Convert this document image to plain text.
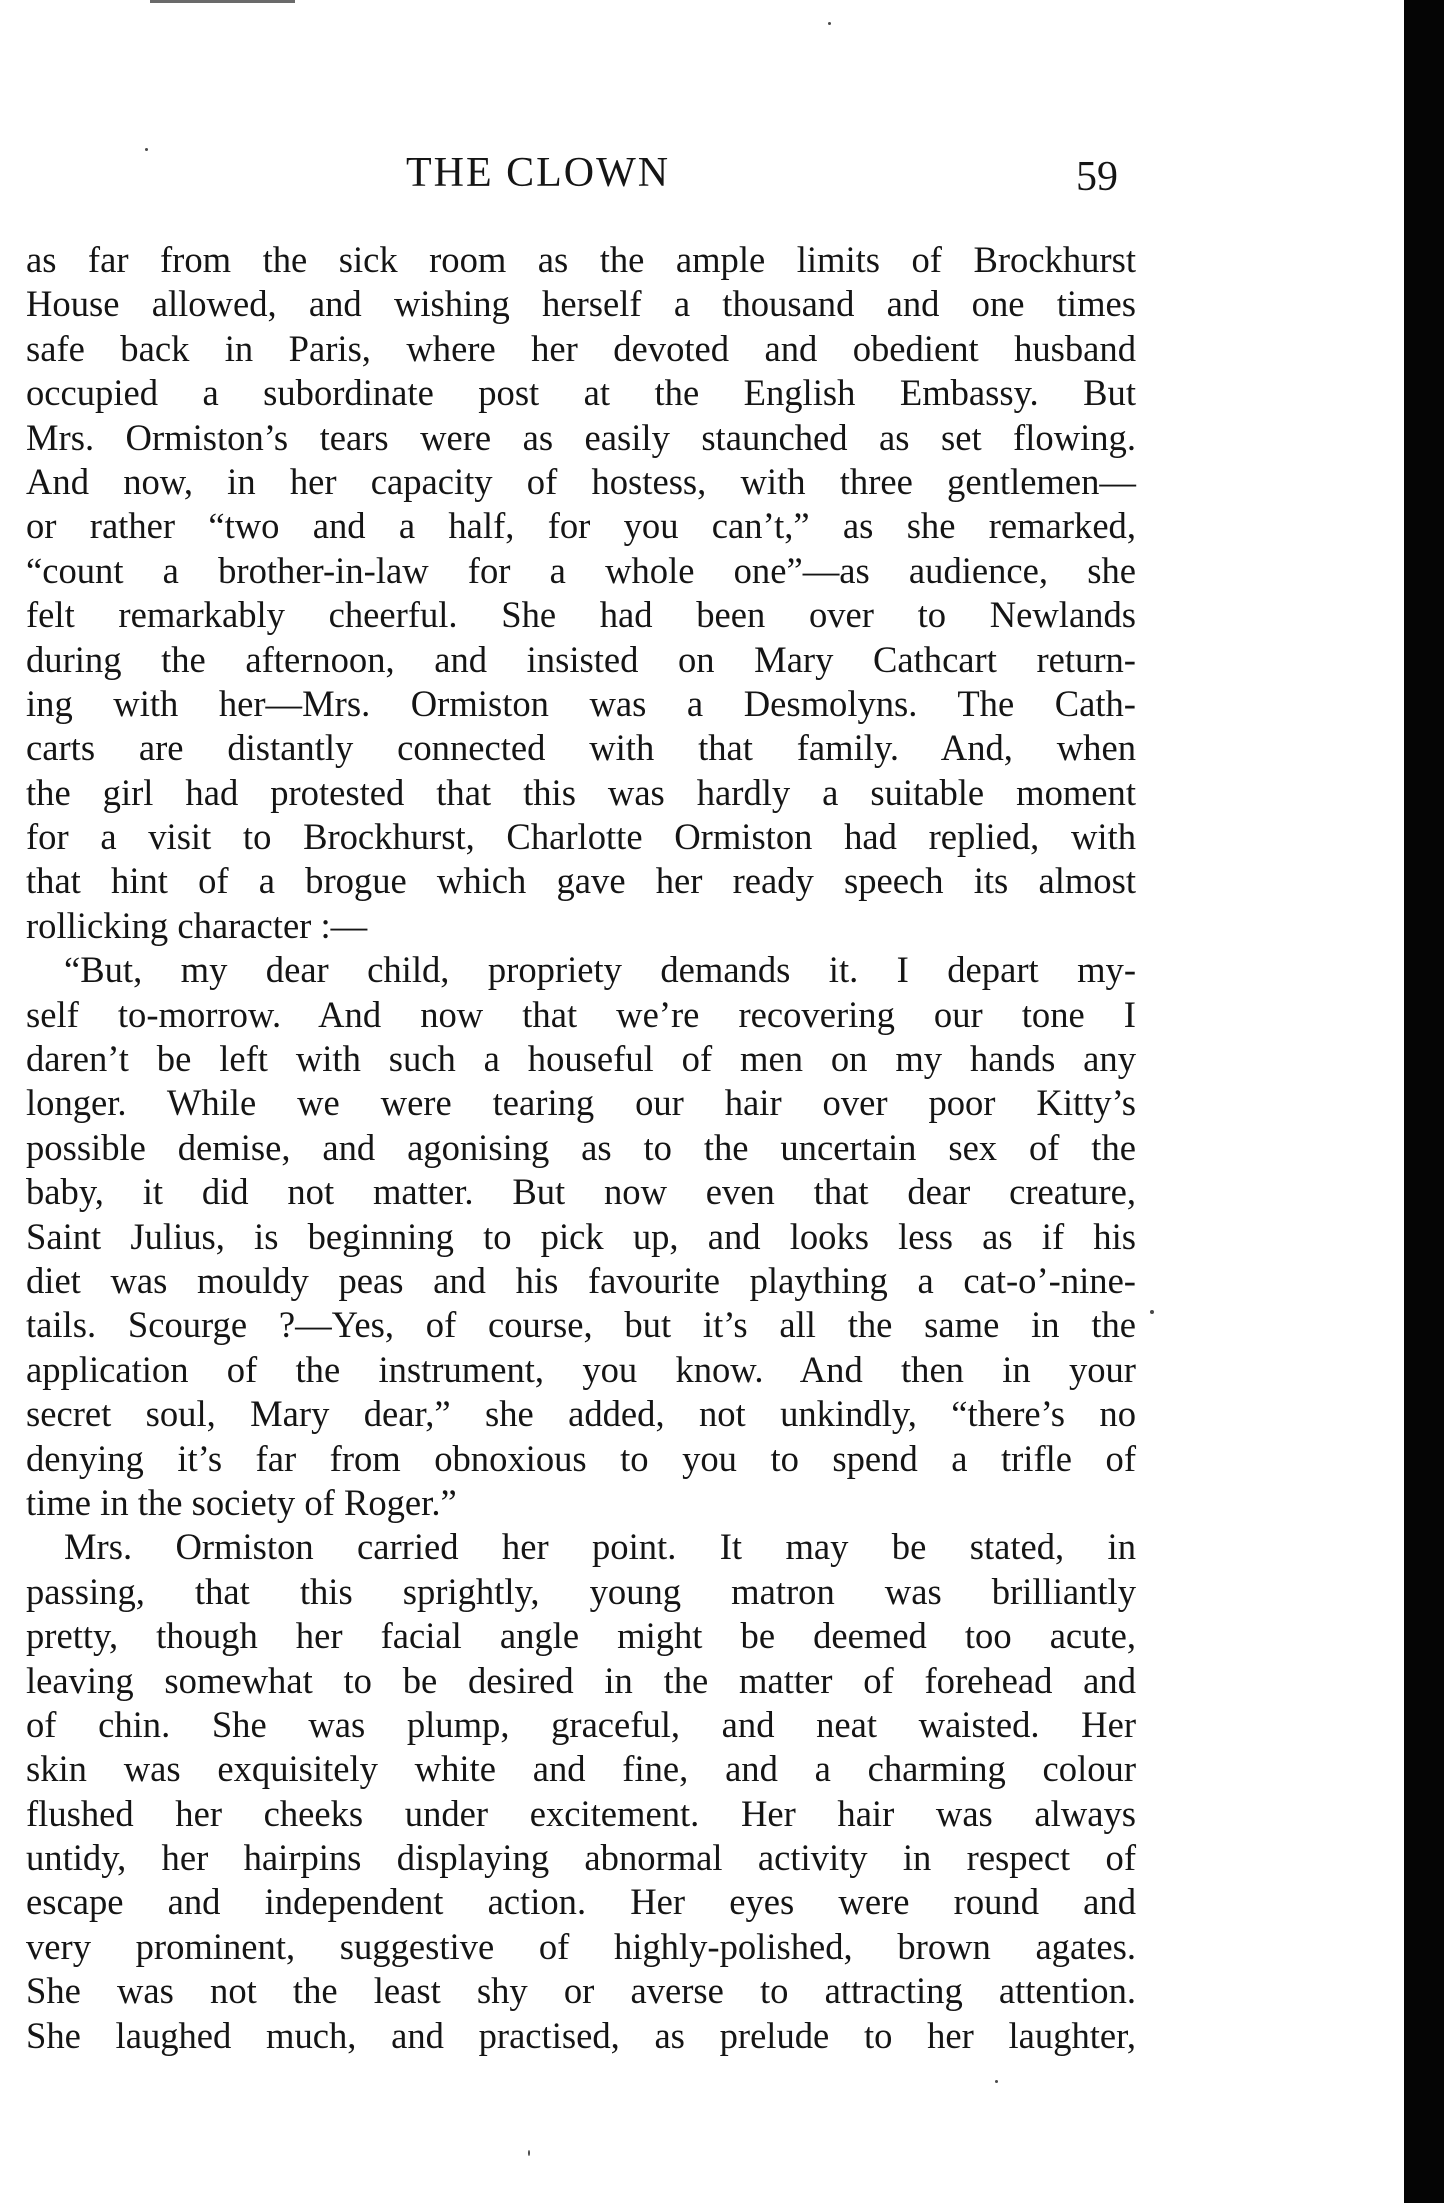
THE CLOWN	59
as far from the sick room as the ample limits of Brockhurst
House allowed, and wishing herself a thousand and one times
safe back in Paris, where her devoted and obedient husband
occupied a subordinate post at the English Embassy. But
Mrs. Ormiston’s tears were as easily staunched as set flowing.
And now, in her capacity of hostess, with three gentlemen—
or rather “two and a half, for you can’t,” as she remarked,
“count a brother-in-law for a whole one”—as audience, she
felt remarkably cheerful. She had been over to Newlands
during the afternoon, and insisted on Mary Cathcart return-
ing with her—Mrs. Ormiston was a Desmolyns. The Cath-
carts are distantly connected with that family. And, when
the girl had protested that this was hardly a suitable moment
for a visit to Brockhurst, Charlotte Ormiston had replied, with
that hint of a brogue which gave her ready speech its almost
rollicking character :—
“But, my dear child, propriety demands it. I depart my-
self to-morrow. And now that we’re recovering our tone I
daren’t be left with such a houseful of men on my hands any
longer. While we were tearing our hair over poor Kitty’s
possible demise, and agonising as to the uncertain sex of the
baby, it did not matter. But now even that dear creature,
Saint Julius, is beginning to pick up, and looks less as if his
diet was mouldy peas and his favourite plaything a cat-o’-nine-
tails. Scourge ?—Yes, of course, but it’s all the same in the
application of the instrument, you know. And then in your
secret soul, Mary dear,” she added, not unkindly, “there’s no
denying it’s far from obnoxious to you to spend a trifle of
time in the society of Roger.”
Mrs. Ormiston carried her point. It may be stated, in
passing, that this sprightly, young matron was brilliantly
pretty, though her facial angle might be deemed too acute,
leaving somewhat to be desired in the matter of forehead and
of chin. She was plump, graceful, and neat waisted. Her
skin was exquisitely white and fine, and a charming colour
flushed her cheeks under excitement. Her hair was always
untidy, her hairpins displaying abnormal activity in respect of
escape and independent action. Her eyes were round and
very prominent, suggestive of highly-polished, brown agates.
She was not the least shy or averse to attracting attention.
She laughed much, and practised, as prelude to her laughter,
